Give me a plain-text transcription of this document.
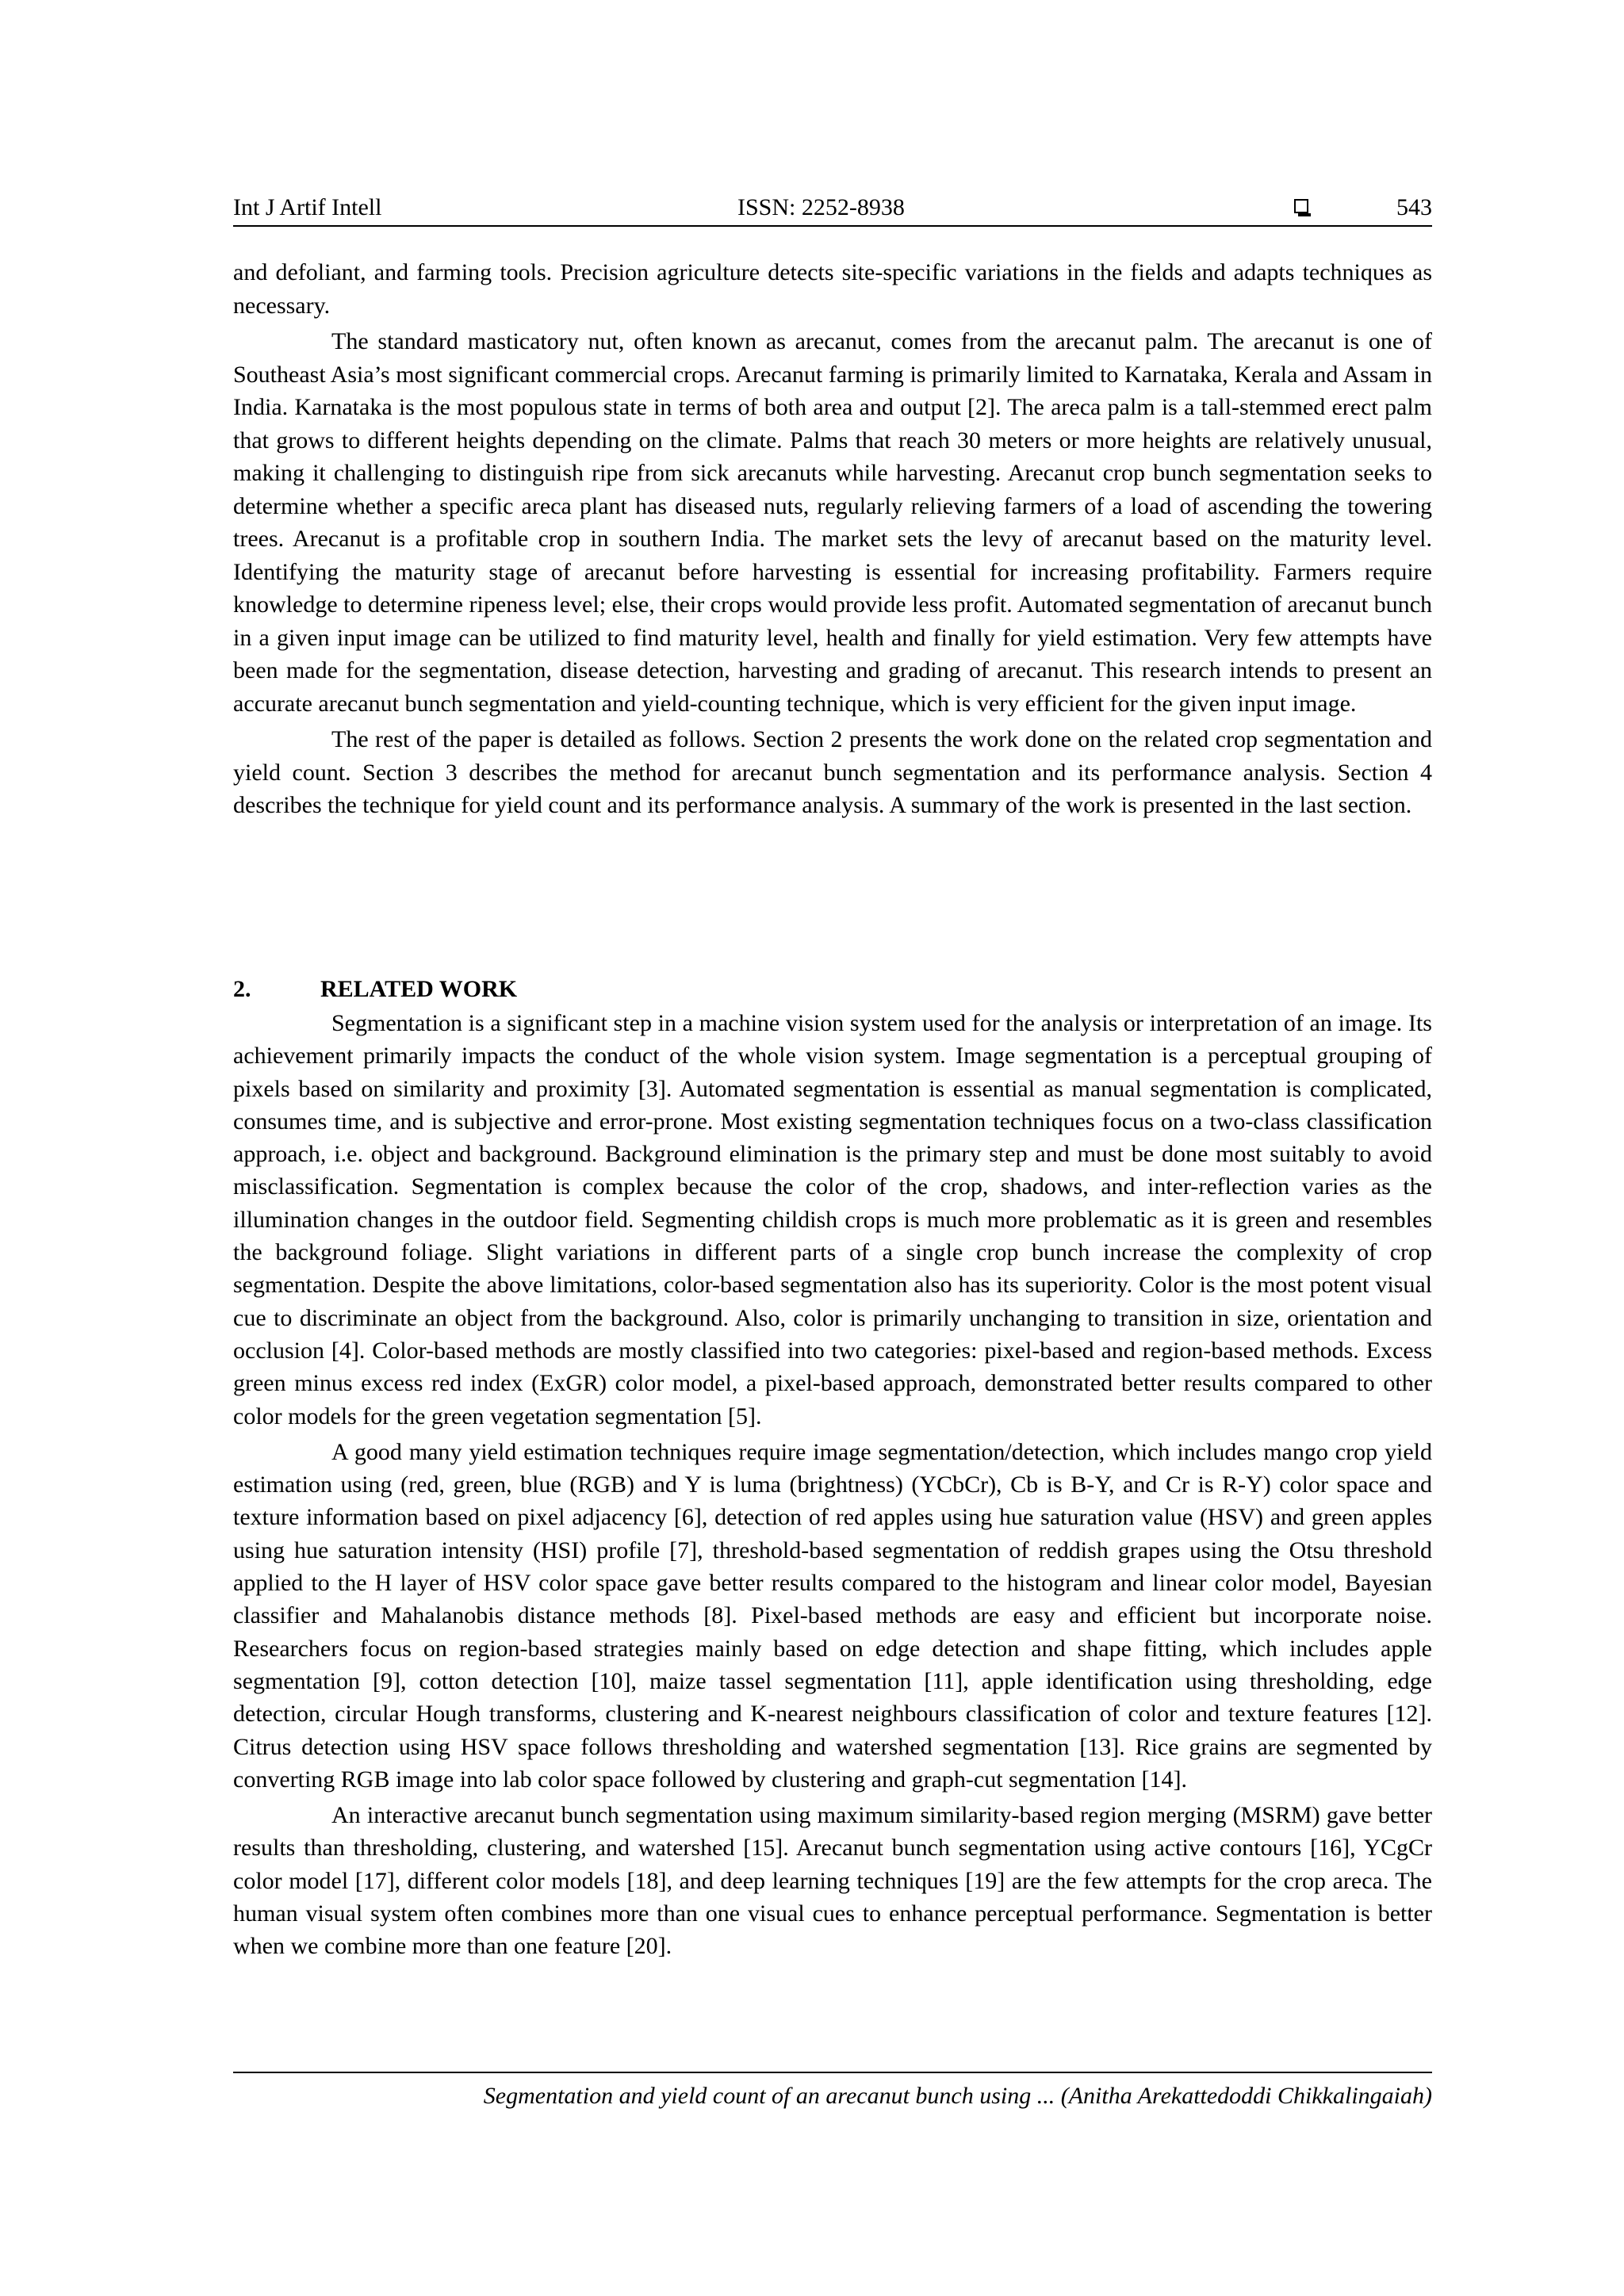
Int J Artif Intell	ISSN: 2252-8938	543

and defoliant, and farming tools. Precision agriculture detects site-specific variations in the fields and adapts techniques as necessary.

The standard masticatory nut, often known as arecanut, comes from the arecanut palm. The arecanut is one of Southeast Asia’s most significant commercial crops. Arecanut farming is primarily limited to Karnataka, Kerala and Assam in India. Karnataka is the most populous state in terms of both area and output [2]. The areca palm is a tall-stemmed erect palm that grows to different heights depending on the climate. Palms that reach 30 meters or more heights are relatively unusual, making it challenging to distinguish ripe from sick arecanuts while harvesting. Arecanut crop bunch segmentation seeks to determine whether a specific areca plant has diseased nuts, regularly relieving farmers of a load of ascending the towering trees. Arecanut is a profitable crop in southern India. The market sets the levy of arecanut based on the maturity level. Identifying the maturity stage of arecanut before harvesting is essential for increasing profitability. Farmers require knowledge to determine ripeness level; else, their crops would provide less profit. Automated segmentation of arecanut bunch in a given input image can be utilized to find maturity level, health and finally for yield estimation. Very few attempts have been made for the segmentation, disease detection, harvesting and grading of arecanut. This research intends to present an accurate arecanut bunch segmentation and yield-counting technique, which is very efficient for the given input image.

The rest of the paper is detailed as follows. Section 2 presents the work done on the related crop segmentation and yield count. Section 3 describes the method for arecanut bunch segmentation and its performance analysis. Section 4 describes the technique for yield count and its performance analysis. A summary of the work is presented in the last section.

2.	RELATED WORK

Segmentation is a significant step in a machine vision system used for the analysis or interpretation of an image. Its achievement primarily impacts the conduct of the whole vision system. Image segmentation is a perceptual grouping of pixels based on similarity and proximity [3]. Automated segmentation is essential as manual segmentation is complicated, consumes time, and is subjective and error-prone. Most existing segmentation techniques focus on a two-class classification approach, i.e. object and background. Background elimination is the primary step and must be done most suitably to avoid misclassification. Segmentation is complex because the color of the crop, shadows, and inter-reflection varies as the illumination changes in the outdoor field. Segmenting childish crops is much more problematic as it is green and resembles the background foliage. Slight variations in different parts of a single crop bunch increase the complexity of crop segmentation. Despite the above limitations, color-based segmentation also has its superiority. Color is the most potent visual cue to discriminate an object from the background. Also, color is primarily unchanging to transition in size, orientation and occlusion [4]. Color-based methods are mostly classified into two categories: pixel-based and region-based methods. Excess green minus excess red index (ExGR) color model, a pixel-based approach, demonstrated better results compared to other color models for the green vegetation segmentation [5].

A good many yield estimation techniques require image segmentation/detection, which includes mango crop yield estimation using (red, green, blue (RGB) and Y is luma (brightness) (YCbCr), Cb is B-Y, and Cr is R-Y) color space and texture information based on pixel adjacency [6], detection of red apples using hue saturation value (HSV) and green apples using hue saturation intensity (HSI) profile [7], threshold-based segmentation of reddish grapes using the Otsu threshold applied to the H layer of HSV color space gave better results compared to the histogram and linear color model, Bayesian classifier and Mahalanobis distance methods [8]. Pixel-based methods are easy and efficient but incorporate noise. Researchers focus on region-based strategies mainly based on edge detection and shape fitting, which includes apple segmentation [9], cotton detection [10], maize tassel segmentation [11], apple identification using thresholding, edge detection, circular Hough transforms, clustering and K-nearest neighbours classification of color and texture features [12]. Citrus detection using HSV space follows thresholding and watershed segmentation [13]. Rice grains are segmented by converting RGB image into lab color space followed by clustering and graph-cut segmentation [14].

An interactive arecanut bunch segmentation using maximum similarity-based region merging (MSRM) gave better results than thresholding, clustering, and watershed [15]. Arecanut bunch segmentation using active contours [16], YCgCr color model [17], different color models [18], and deep learning techniques [19] are the few attempts for the crop areca. The human visual system often combines more than one visual cues to enhance perceptual performance. Segmentation is better when we combine more than one feature [20].

Segmentation and yield count of an arecanut bunch using ... (Anitha Arekattedoddi Chikkalingaiah)
